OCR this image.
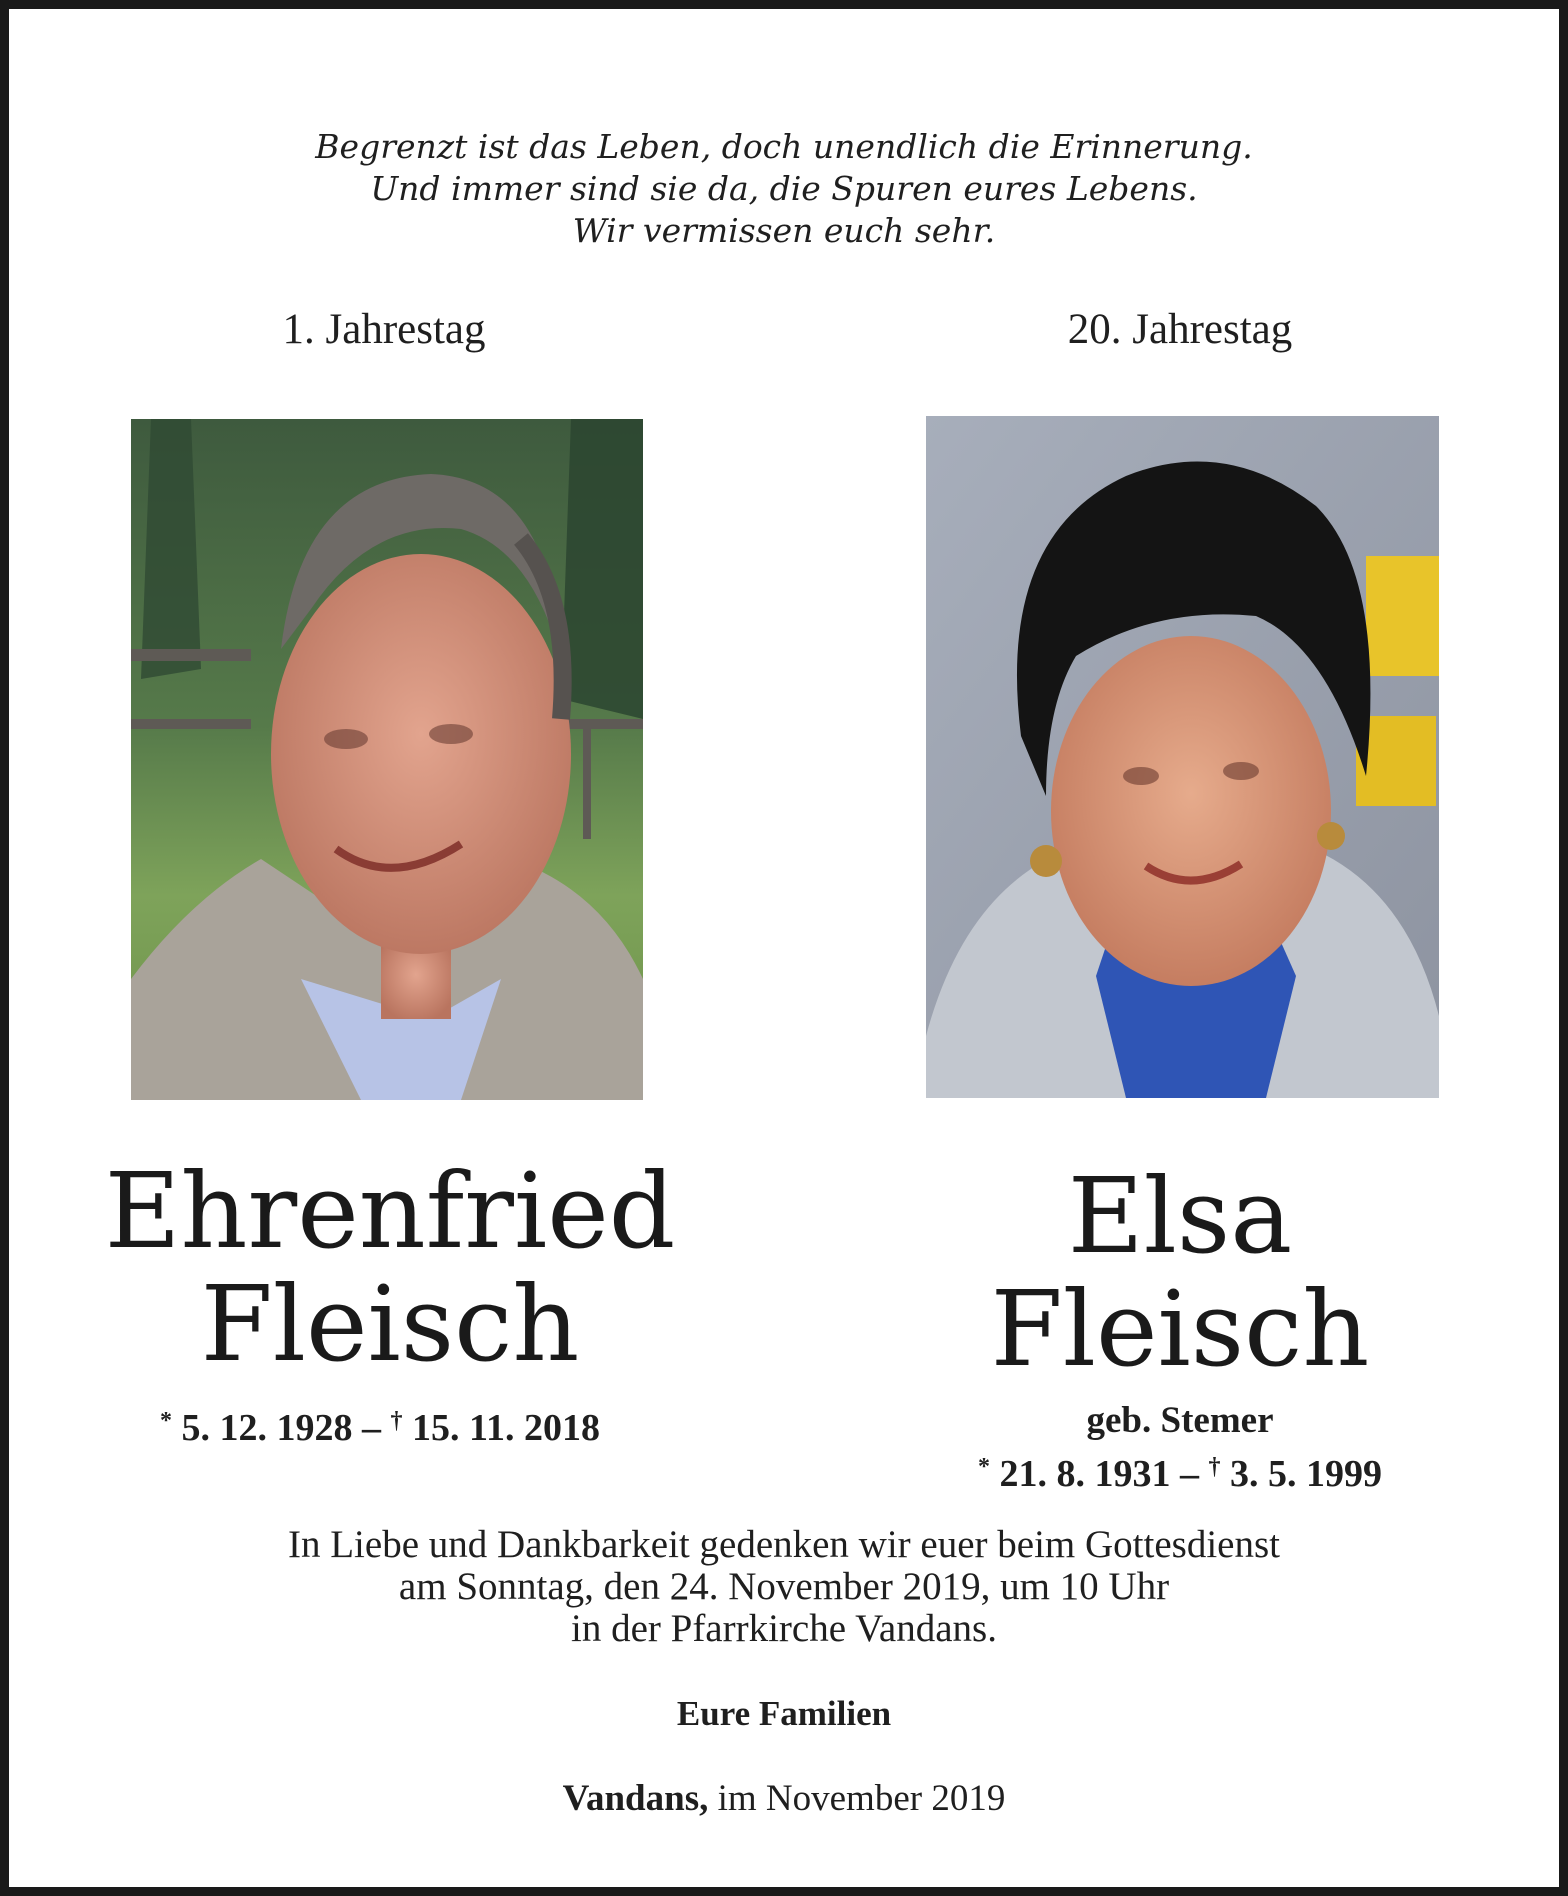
Begrenzt ist das Leben, doch unendlich die Erinnerung.
Und immer sind sie da, die Spuren eures Lebens.
Wir vermissen euch sehr.
1. Jahrestag	20. Jahrestag
Ehrenfried
Fleisch
Elsa
Fleisch
* 5. 12. 1928 – † 15. 11. 2018	geb. Stemer
* 21. 8. 1931 – † 3. 5. 1999
In Liebe und Dankbarkeit gedenken wir euer beim Gottesdienst
am Sonntag, den 24. November 2019, um 10 Uhr
in der Pfarrkirche Vandans.
Eure Familien
Vandans, im November 2019
